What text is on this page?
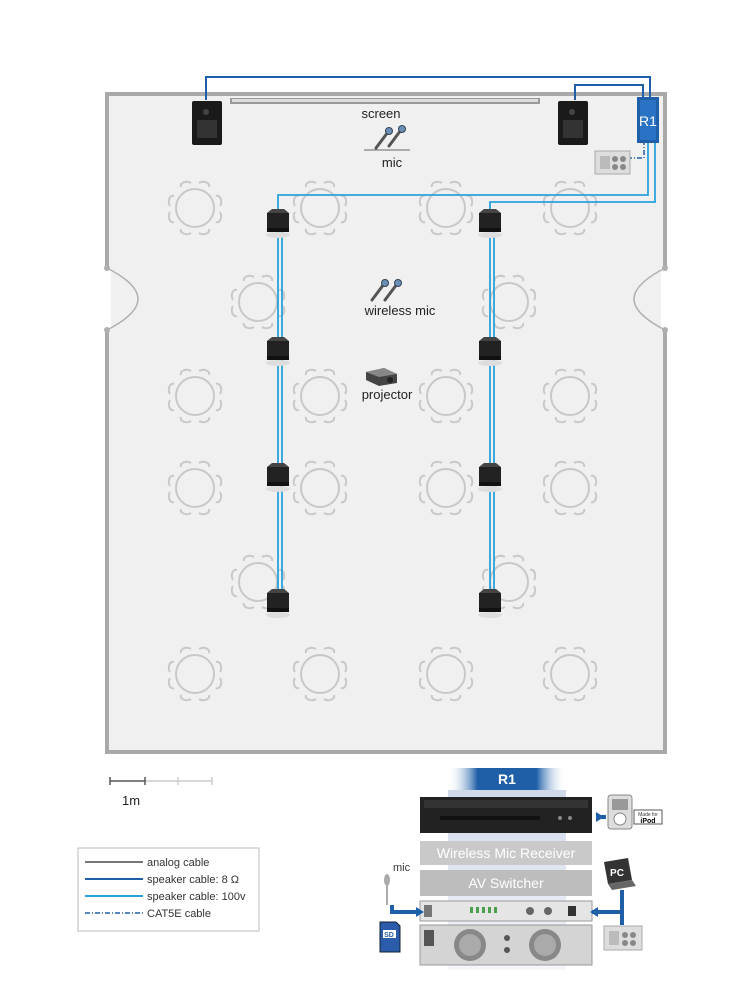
screen	R1
mic
wireless mic
projector
1m
analog cable
speaker cable: 8 Ω
speaker cable: 100v
CAT5E cable
R1
Wireless Mic Receiver
AV Switcher
mic
SD
Made for
iPod
PC
